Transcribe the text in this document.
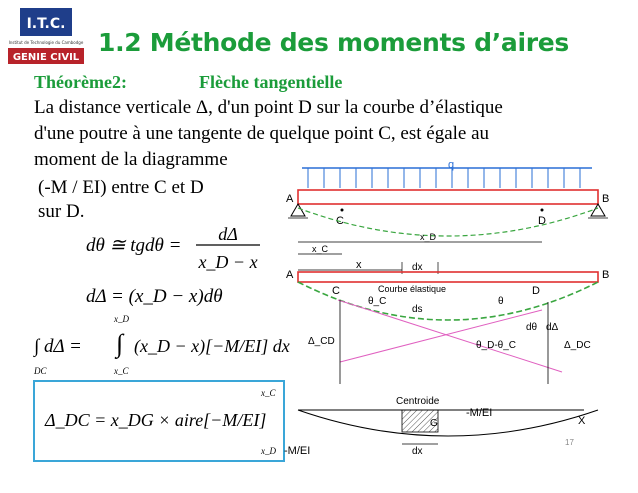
I.T.C.
Institut de Technologie du Cambodge
GENIE CIVIL
1.2 Méthode des moments d’aires
Théorème2:	Flèche tangentielle
La distance verticale Δ, d'un point D sur la courbe d’élastique
d'une poutre à une tangente de quelque point C, est égale au
moment de la diagramme
(-M / EI) entre C et D
sur D.
dθ ≅ tgdθ =
dΔ
x_D − x
dΔ = (x_D − x)dθ
∫ dΔ =
DC
∫
x_D
x_C
(x_D − x)[−M/EI] dx
Δ_DC = x_DG × aire[−M/EI]
x_C
x_D
q
A	B
C	D
x_D
x_C
x	dx
A	B
Courbe élastique
C	D
θ_C	θ
ds
dθ dΔ
Δ_CD	θ_D-θ_C	Δ_DC
Centroide
G
-M/EI
X
-M/EI	dx
17
